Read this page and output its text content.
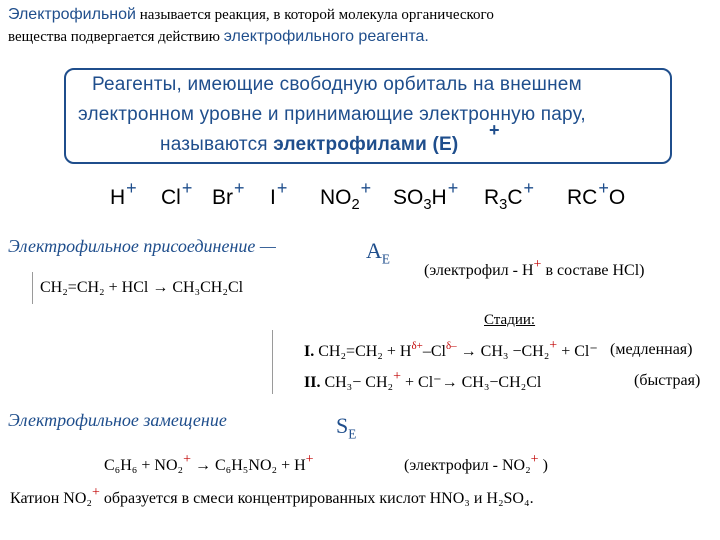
Электрофильной называется реакция, в которой молекула органического
вещества подвергается действию электрофильного реагента.
Реагенты, имеющие свободную орбиталь на внешнем
электронном уровне и принимающие электронную пару,
называются электрофилами (E)
+
$H+ Cl+ Br+ I+ NO_2+ SO_3H+ R_3C+ RC+O$
Электрофильное присоединение —	$A_E$
CH₂=CH₂ + HCl → CH₃CH₂Cl
(электрофил - H+ в составе HCl)
Стадии:
I. $CH_2=CH_2 + H^{\delta+}-Cl^{\delta-} \to CH_3 -CH_2+ + Cl^-$ (медленная)
II. CH₃− CH₂+ + Cl⁻→ CH₃−CH₂Cl	(быстрая)
Электрофильное замещение	$S_E$
C₆H₆ + NO₂+ → C₆H₅NO₂ + H+	(электрофил - NO₂+ )
Катион NO₂+ образуется в смеси концентрированных кислот HNO₃ и H₂SO₄.
